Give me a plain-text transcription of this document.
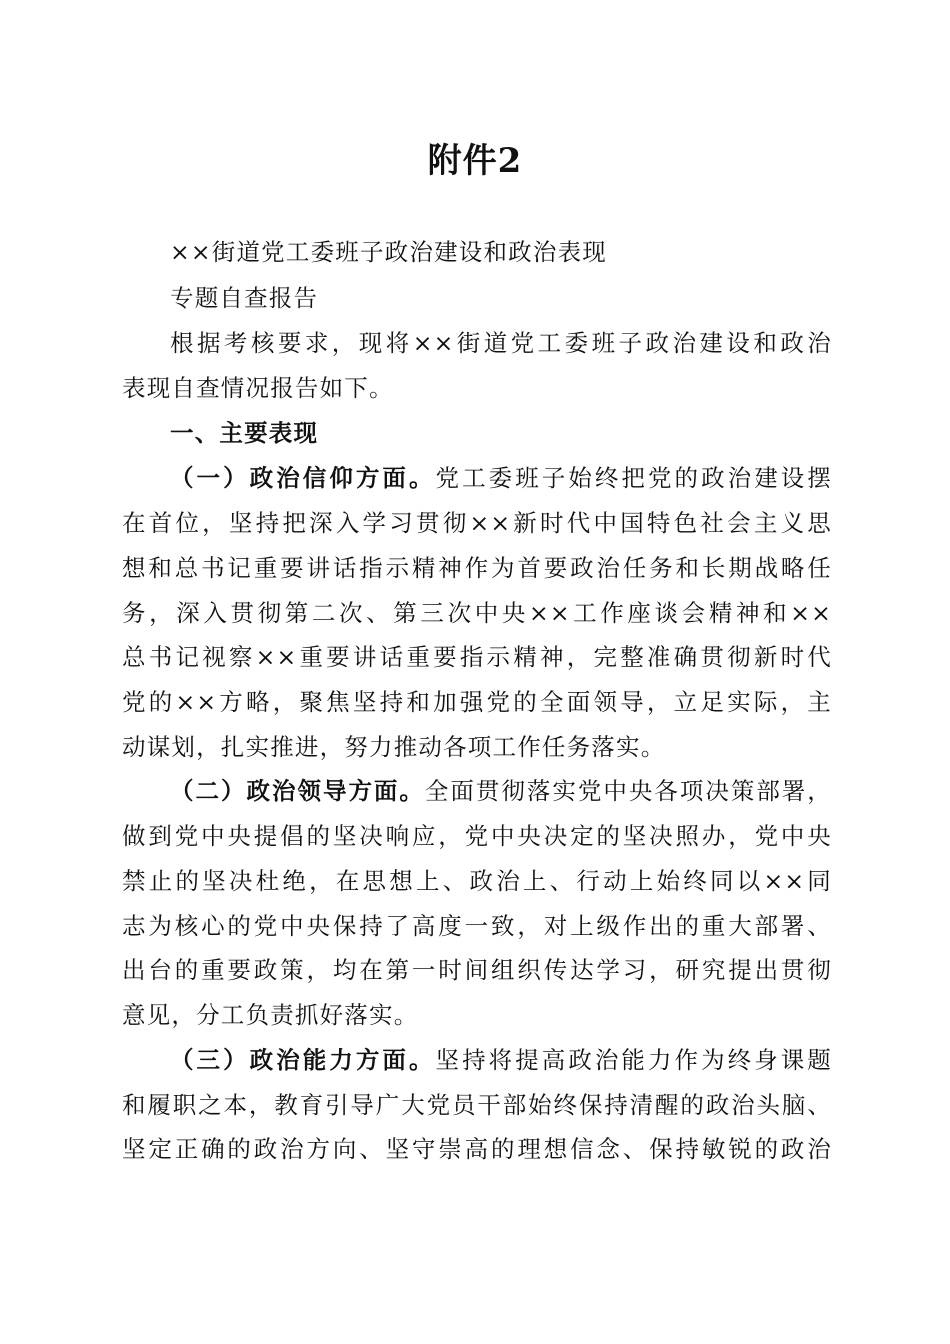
附件2
××街道党工委班子政治建设和政治表现
专题自查报告
根据考核要求，现将××街道党工委班子政治建设和政治
表现自查情况报告如下。
一、主要表现
（一）政治信仰方面。党工委班子始终把党的政治建设摆
在首位，坚持把深入学习贯彻××新时代中国特色社会主义思
想和总书记重要讲话指示精神作为首要政治任务和长期战略任
务，深入贯彻第二次、第三次中央××工作座谈会精神和××
总书记视察××重要讲话重要指示精神，完整准确贯彻新时代
党的××方略，聚焦坚持和加强党的全面领导，立足实际，主
动谋划，扎实推进，努力推动各项工作任务落实。
（二）政治领导方面。全面贯彻落实党中央各项决策部署，
做到党中央提倡的坚决响应，党中央决定的坚决照办，党中央
禁止的坚决杜绝，在思想上、政治上、行动上始终同以××同
志为核心的党中央保持了高度一致，对上级作出的重大部署、
出台的重要政策，均在第一时间组织传达学习，研究提出贯彻
意见，分工负责抓好落实。
（三）政治能力方面。坚持将提高政治能力作为终身课题
和履职之本，教育引导广大党员干部始终保持清醒的政治头脑、
坚定正确的政治方向、坚守崇高的理想信念、保持敏锐的政治
